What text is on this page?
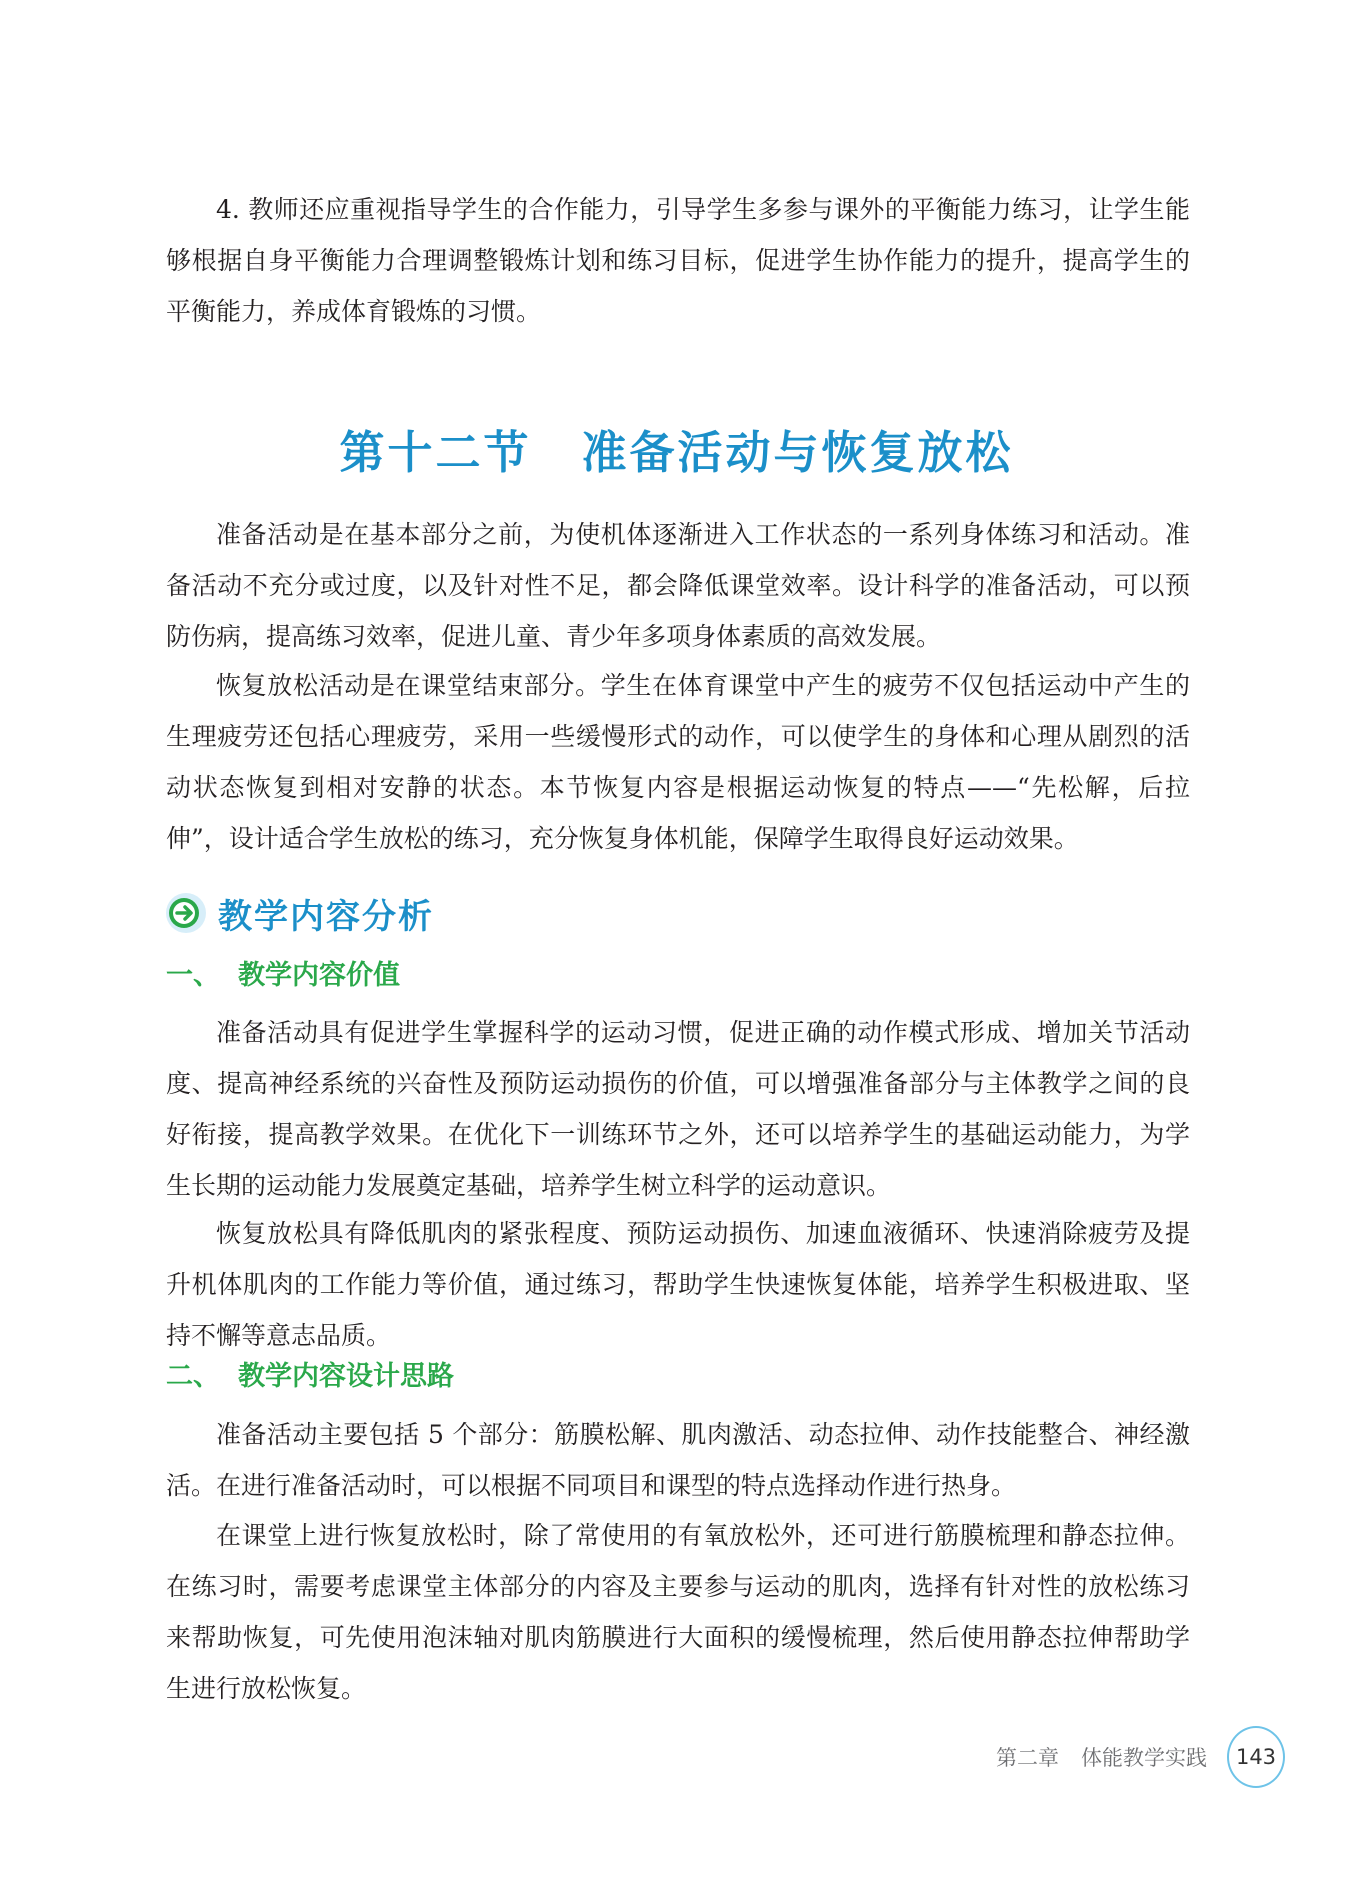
4. 教师还应重视指导学生的合作能力，引导学生多参与课外的平衡能力练习，让学生能够根据自身平衡能力合理调整锻炼计划和练习目标，促进学生协作能力的提升，提高学生的平衡能力，养成体育锻炼的习惯。

第十二节 准备活动与恢复放松

准备活动是在基本部分之前，为使机体逐渐进入工作状态的一系列身体练习和活动。准备活动不充分或过度，以及针对性不足，都会降低课堂效率。设计科学的准备活动，可以预防伤病，提高练习效率，促进儿童、青少年多项身体素质的高效发展。

恢复放松活动是在课堂结束部分。学生在体育课堂中产生的疲劳不仅包括运动中产生的生理疲劳还包括心理疲劳，采用一些缓慢形式的动作，可以使学生的身体和心理从剧烈的活动状态恢复到相对安静的状态。本节恢复内容是根据运动恢复的特点——“先松解，后拉伸”，设计适合学生放松的练习，充分恢复身体机能，保障学生取得良好运动效果。

教学内容分析
一、 教学内容价值

准备活动具有促进学生掌握科学的运动习惯，促进正确的动作模式形成、增加关节活动度、提高神经系统的兴奋性及预防运动损伤的价值，可以增强准备部分与主体教学之间的良好衔接，提高教学效果。在优化下一训练环节之外，还可以培养学生的基础运动能力，为学生长期的运动能力发展奠定基础，培养学生树立科学的运动意识。

恢复放松具有降低肌肉的紧张程度、预防运动损伤、加速血液循环、快速消除疲劳及提升机体肌肉的工作能力等价值，通过练习，帮助学生快速恢复体能，培养学生积极进取、坚持不懈等意志品质。

二、 教学内容设计思路

准备活动主要包括 5 个部分：筋膜松解、肌肉激活、动态拉伸、动作技能整合、神经激活。在进行准备活动时，可以根据不同项目和课型的特点选择动作进行热身。

在课堂上进行恢复放松时，除了常使用的有氧放松外，还可进行筋膜梳理和静态拉伸。在练习时，需要考虑课堂主体部分的内容及主要参与运动的肌肉，选择有针对性的放松练习来帮助恢复，可先使用泡沫轴对肌肉筋膜进行大面积的缓慢梳理，然后使用静态拉伸帮助学生进行放松恢复。

第二章 体能教学实践	143
